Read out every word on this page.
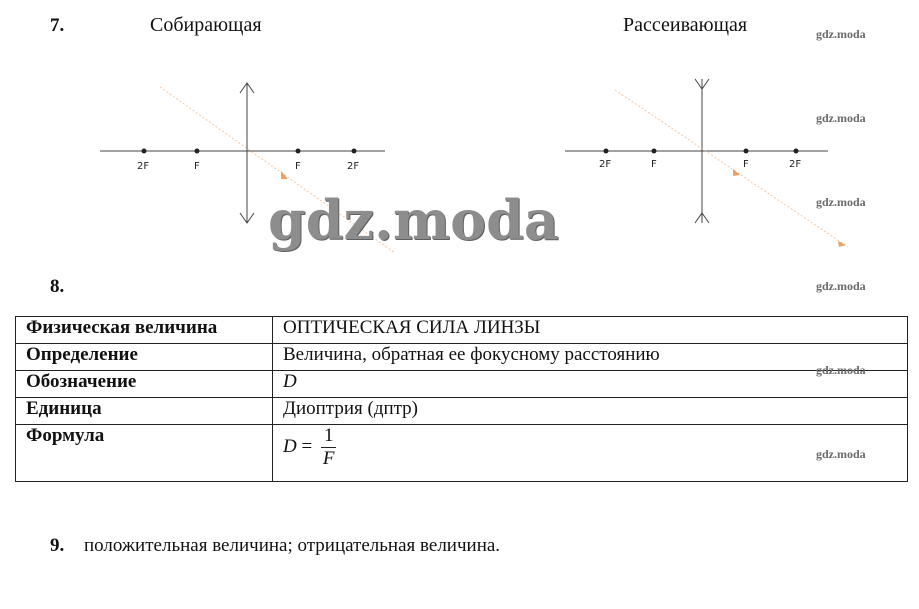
7.	Собирающая	Рассеивающая
2F	F	F	2F	2F	F	F	2F
gdz.moda
gdz.moda
gdz.moda
gdz.moda
gdz.moda
gdz.moda
gdz.moda
8.
Физическая величина	ОПТИЧЕСКАЯ СИЛА ЛИНЗЫ
Определение	Величина, обратная ее фокусному расстоянию
Обозначение	D
Единица	Диоптрия (дптр)
Формула	$D = \frac{1}{F}$
9. положительная величина; отрицательная величина.
